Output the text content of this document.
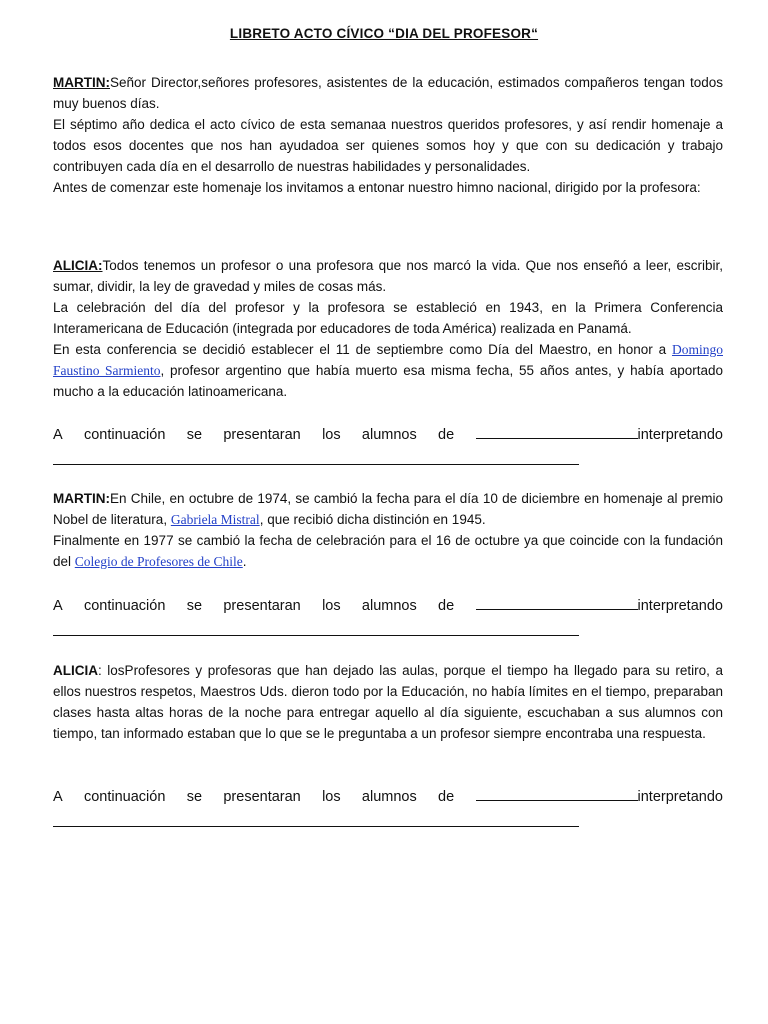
LIBRETO ACTO CÍVICO “DIA DEL PROFESOR“

MARTIN:Señor Director,señores profesores, asistentes de la educación, estimados compañeros tengan todos muy buenos días.

El séptimo año dedica el acto cívico de esta semanaa nuestros queridos profesores, y así rendir homenaje a todos esos docentes que nos han ayudadoa ser quienes somos hoy y que con su dedicación y trabajo contribuyen cada día en el desarrollo de nuestras habilidades y personalidades.

Antes de comenzar este homenaje los invitamos a entonar nuestro himno nacional, dirigido por la profesora:

ALICIA:Todos tenemos un profesor o una profesora que nos marcó la vida. Que nos enseñó a leer, escribir, sumar, dividir, la ley de gravedad y miles de cosas más.

La celebración del día del profesor y la profesora se estableció en 1943, en la Primera Conferencia Interamericana de Educación (integrada por educadores de toda América) realizada en Panamá.

En esta conferencia se decidió establecer el 11 de septiembre como Día del Maestro, en honor a Domingo Faustino Sarmiento, profesor argentino que había muerto esa misma fecha, 55 años antes, y había aportado mucho a la educación latinoamericana.

A continuación se presentaran los alumnos de	interpretando

MARTIN:En Chile, en octubre de 1974, se cambió la fecha para el día 10 de diciembre en homenaje al premio Nobel de literatura, Gabriela Mistral, que recibió dicha distinción en 1945.

Finalmente en 1977 se cambió la fecha de celebración para el 16 de octubre ya que coincide con la fundación del Colegio de Profesores de Chile.

A continuación se presentaran los alumnos de	interpretando

ALICIA: losProfesores y profesoras que han dejado las aulas, porque el tiempo ha llegado para su retiro, a ellos nuestros respetos, Maestros Uds. dieron todo por la Educación, no había límites en el tiempo, preparaban clases hasta altas horas de la noche para entregar aquello al día siguiente, escuchaban a sus alumnos con tiempo, tan informado estaban que lo que se le preguntaba a un profesor siempre encontraba una respuesta.

A continuación se presentaran los alumnos de	interpretando
